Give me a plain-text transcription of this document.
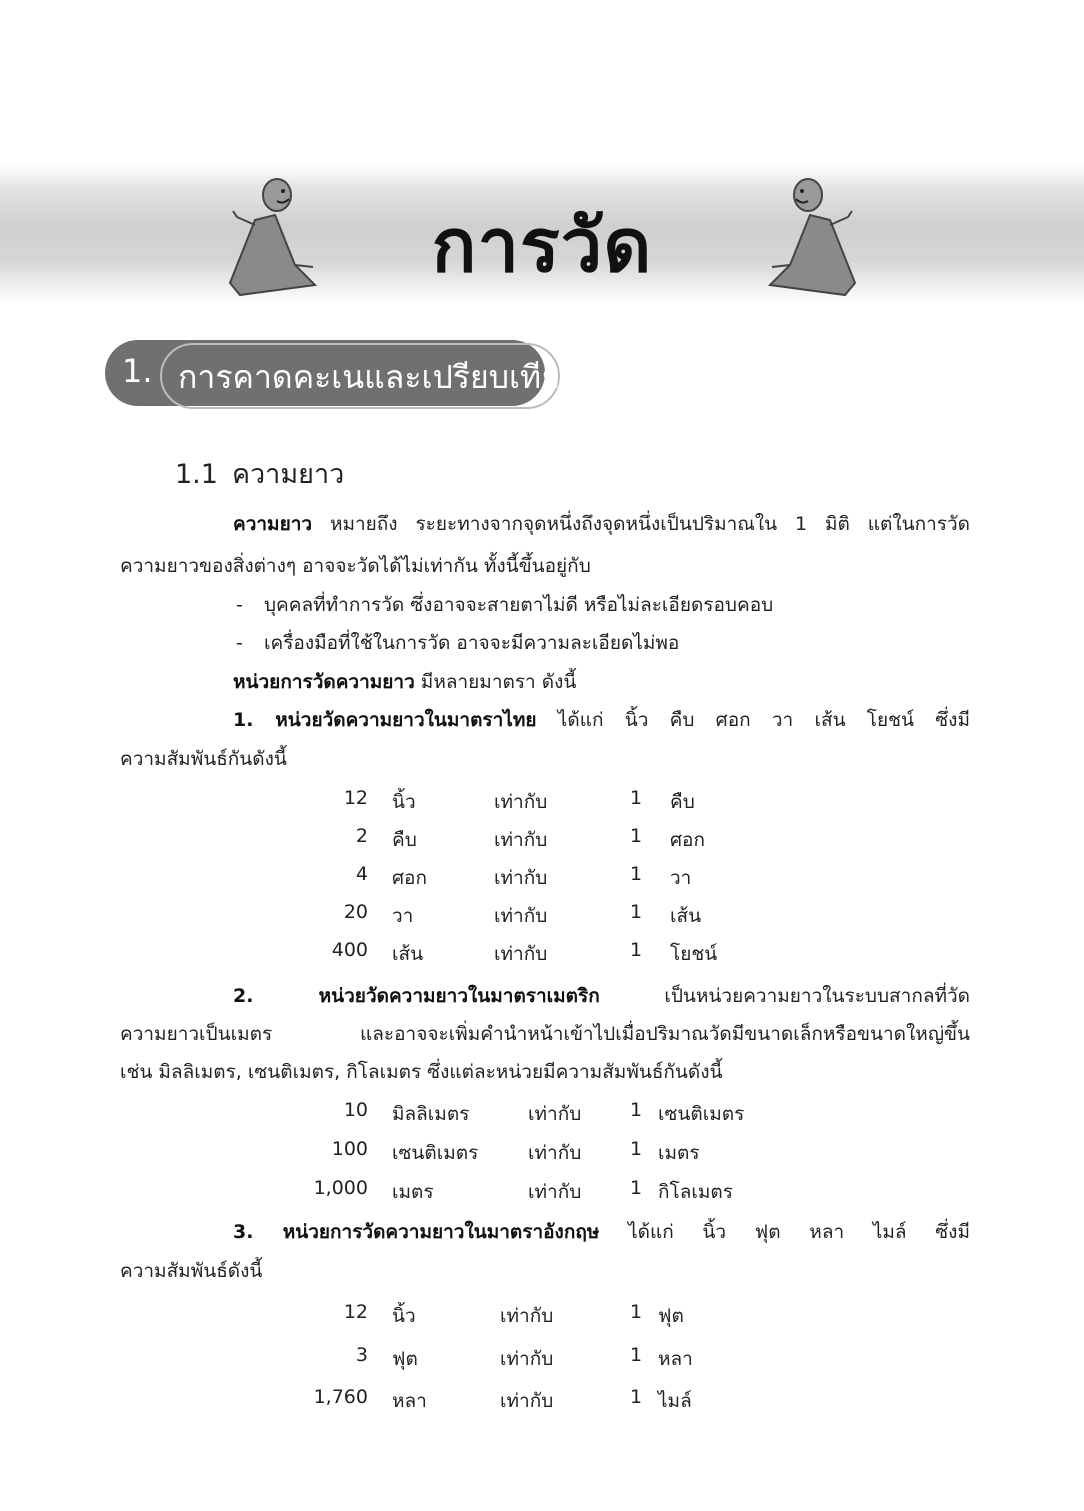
การวัด
1. การคาดคะเนและเปรียบเทียบ
1.1 ความยาว
ความยาว หมายถึง ระยะทางจากจุดหนึ่งถึงจุดหนึ่งเป็นปริมาณใน 1 มิติ แต่ในการวัด
ความยาวของสิ่งต่างๆ อาจจะวัดได้ไม่เท่ากัน ทั้งนี้ขึ้นอยู่กับ
- บุคคลที่ทำการวัด ซึ่งอาจจะสายตาไม่ดี หรือไม่ละเอียดรอบคอบ
- เครื่องมือที่ใช้ในการวัด อาจจะมีความละเอียดไม่พอ
หน่วยการวัดความยาว มีหลายมาตรา ดังนี้
1. หน่วยวัดความยาวในมาตราไทย ได้แก่ นิ้ว คืบ ศอก วา เส้น โยชน์ ซึ่งมี
ความสัมพันธ์กันดังนี้
12 นิ้ว	เท่ากับ	1 คืบ
2 คืบ	เท่ากับ	1 ศอก
4 ศอก	เท่ากับ	1 วา
20 วา	เท่ากับ	1 เส้น
400 เส้น	เท่ากับ	1 โยชน์
2. หน่วยวัดความยาวในมาตราเมตริก	เป็นหน่วยความยาวในระบบสากลที่วัด
ความยาวเป็นเมตร และอาจจะเพิ่มคำนำหน้าเข้าไปเมื่อปริมาณวัดมีขนาดเล็กหรือขนาดใหญ่ขึ้น
เช่น มิลลิเมตร, เซนติเมตร, กิโลเมตร ซึ่งแต่ละหน่วยมีความสัมพันธ์กันดังนี้
10 มิลลิเมตร	เท่ากับ	1 เซนติเมตร
100 เซนติเมตร	เท่ากับ	1 เมตร
1,000 เมตร	เท่ากับ	1 กิโลเมตร
3. หน่วยการวัดความยาวในมาตราอังกฤษ ได้แก่ นิ้ว ฟุต หลา ไมล์ ซึ่งมี
ความสัมพันธ์ดังนี้
12 นิ้ว	เท่ากับ	1 ฟุต
3 ฟุต	เท่ากับ	1 หลา
1,760 หลา	เท่ากับ	1 ไมล์
